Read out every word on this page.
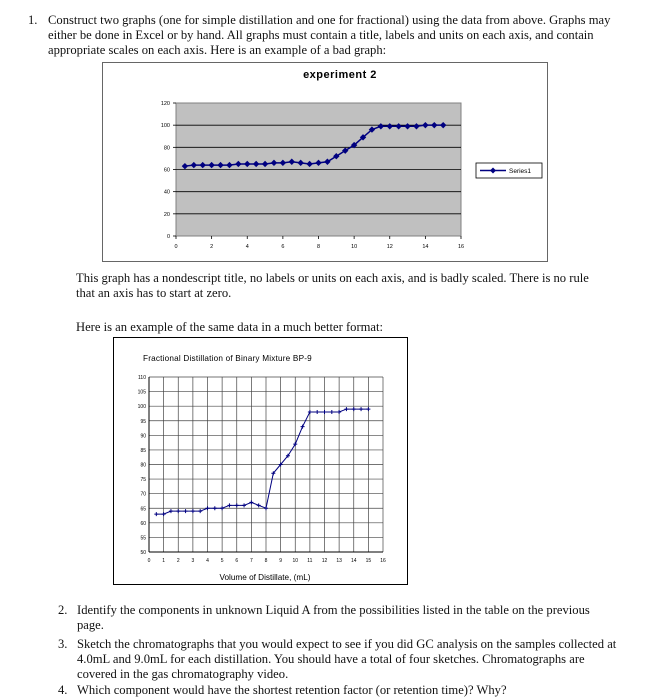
1. Construct two graphs (one for simple distillation and one for fractional) using the data from above. Graphs may either be done in Excel or by hand. All graphs must contain a title, labels and units on each axis, and contain appropriate scales on each axis. Here is an example of a bad graph:
experiment 2
0
20
40
60
80
100
120
0	2	4	6	8	10	12	14	16
Series1
This graph has a nondescript title, no labels or units on each axis, and is badly scaled. There is no rule that an axis has to start at zero.
Here is an example of the same data in a much better format:
Fractional Distillation of Binary Mixture BP-9
Volume of Distillate, (mL)
50
55
60
65
70
75
80
85
90
95
100
105
110
0 1 2 3 4 5 6 7 8 9 10 11 12 13 14 15 16
2. Identify the components in unknown Liquid A from the possibilities listed in the table on the previous page.
3. Sketch the chromatographs that you would expect to see if you did GC analysis on the samples collected at 4.0mL and 9.0mL for each distillation. You should have a total of four sketches. Chromatographs are covered in the gas chromatography video.
4. Which component would have the shortest retention factor (or retention time)? Why?
